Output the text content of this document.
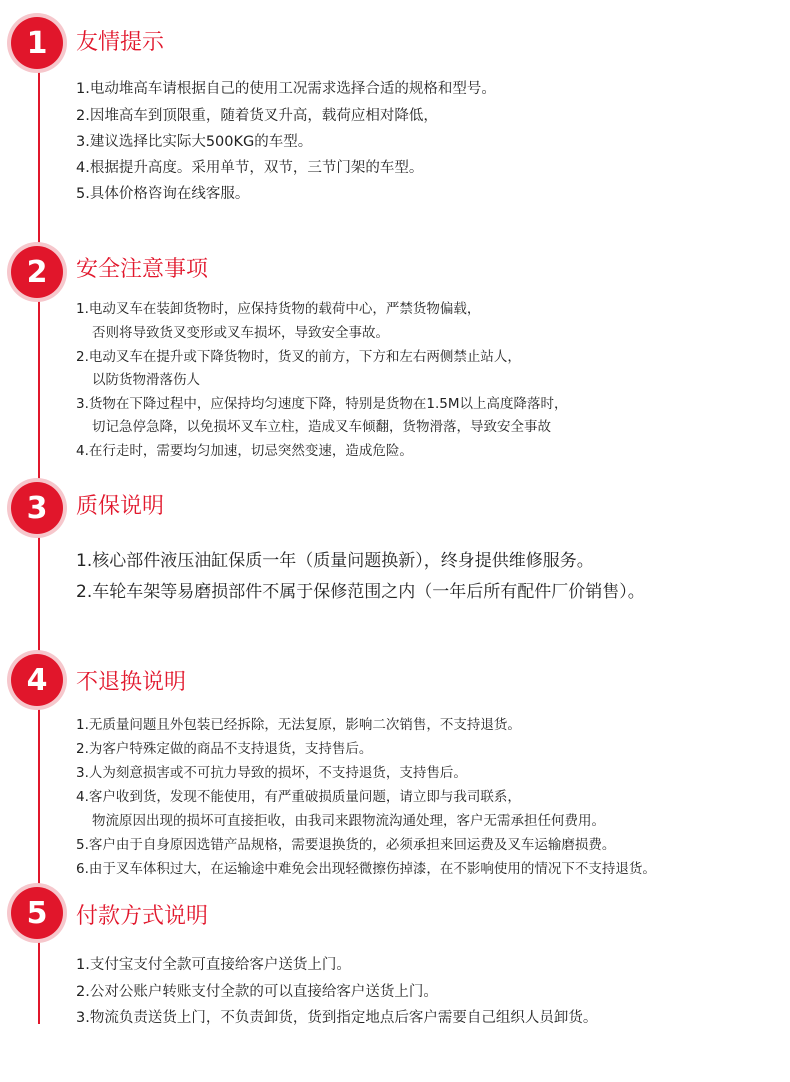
1 友情提示
1.电动堆高车请根据自己的使用工况需求选择合适的规格和型号。
2.因堆高车到顶限重，随着货叉升高，载荷应相对降低，
3.建议选择比实际大500KG的车型。
4.根据提升高度。采用单节，双节，三节门架的车型。
5.具体价格咨询在线客服。
2 安全注意事项
1.电动叉车在装卸货物时，应保持货物的载荷中心，严禁货物偏载，
否则将导致货叉变形或叉车损坏，导致安全事故。
2.电动叉车在提升或下降货物时，货叉的前方，下方和左右两侧禁止站人，
以防货物滑落伤人
3.货物在下降过程中，应保持均匀速度下降，特别是货物在1.5M以上高度降落时，
切记急停急降，以免损坏叉车立柱，造成叉车倾翻，货物滑落，导致安全事故
4.在行走时，需要均匀加速，切忌突然变速，造成危险。
3 质保说明
1.核心部件液压油缸保质一年（质量问题换新），终身提供维修服务。
2.车轮车架等易磨损部件不属于保修范围之内（一年后所有配件厂价销售）。
4 不退换说明
1.无质量问题且外包装已经拆除，无法复原，影响二次销售，不支持退货。
2.为客户特殊定做的商品不支持退货，支持售后。
3.人为刻意损害或不可抗力导致的损坏，不支持退货，支持售后。
4.客户收到货，发现不能使用，有严重破损质量问题，请立即与我司联系，
物流原因出现的损坏可直接拒收，由我司来跟物流沟通处理，客户无需承担任何费用。
5.客户由于自身原因选错产品规格，需要退换货的，必须承担来回运费及叉车运输磨损费。
6.由于叉车体积过大，在运输途中难免会出现轻微擦伤掉漆，在不影响使用的情况下不支持退货。
5 付款方式说明
1.支付宝支付全款可直接给客户送货上门。
2.公对公账户转账支付全款的可以直接给客户送货上门。
3.物流负责送货上门，不负责卸货，货到指定地点后客户需要自己组织人员卸货。
